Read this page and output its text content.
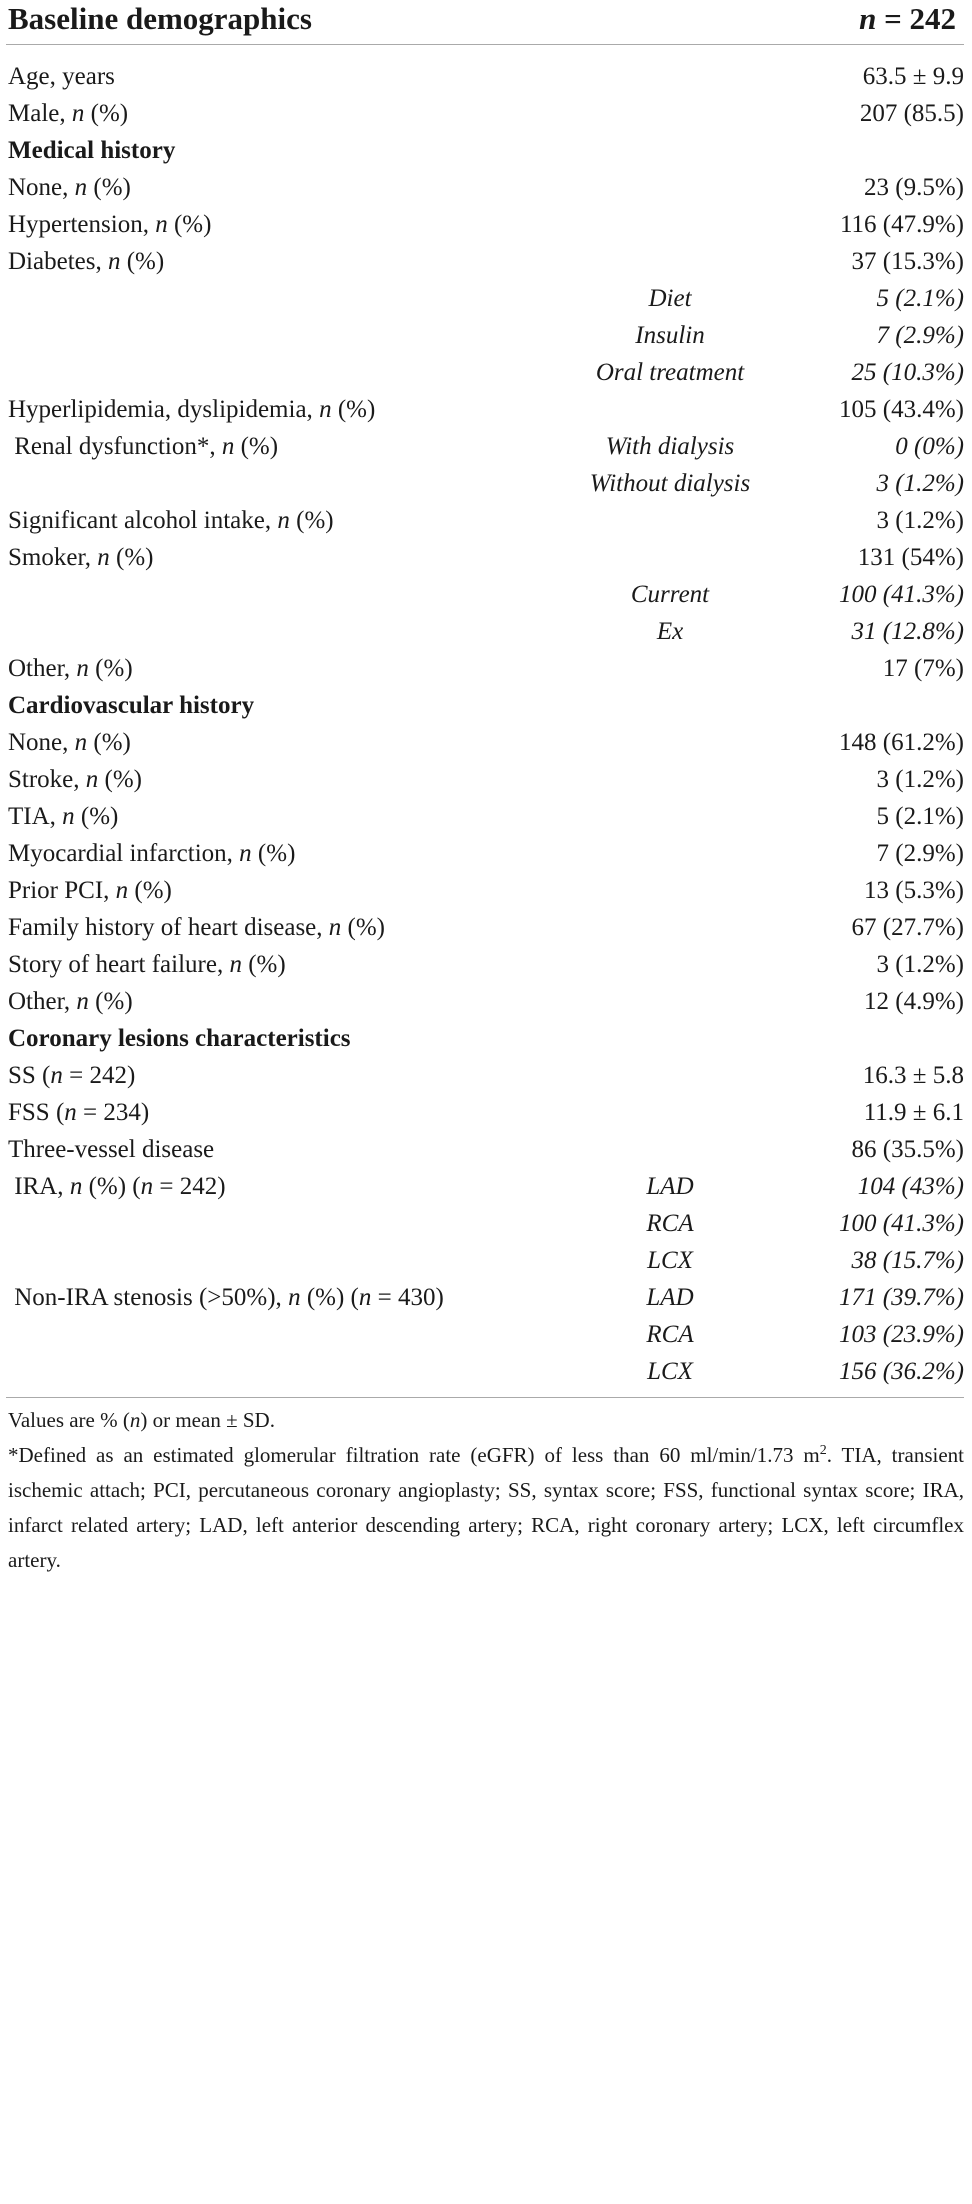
Baseline demographics	n = 242
Age, years	63.5 ± 9.9
Male, n (%)	207 (85.5)
Medical history
None, n (%)	23 (9.5%)
Hypertension, n (%)	116 (47.9%)
Diabetes, n (%)	37 (15.3%)
Diet	5 (2.1%)
Insulin	7 (2.9%)
Oral treatment	25 (10.3%)
Hyperlipidemia, dyslipidemia, n (%)	105 (43.4%)
Renal dysfunction*, n (%)	With dialysis	0 (0%)
Without dialysis	3 (1.2%)
Significant alcohol intake, n (%)	3 (1.2%)
Smoker, n (%)	131 (54%)
Current	100 (41.3%)
Ex	31 (12.8%)
Other, n (%)	17 (7%)
Cardiovascular history
None, n (%)	148 (61.2%)
Stroke, n (%)	3 (1.2%)
TIA, n (%)	5 (2.1%)
Myocardial infarction, n (%)	7 (2.9%)
Prior PCI, n (%)	13 (5.3%)
Family history of heart disease, n (%)	67 (27.7%)
Story of heart failure, n (%)	3 (1.2%)
Other, n (%)	12 (4.9%)
Coronary lesions characteristics
SS (n = 242)	16.3 ± 5.8
FSS (n = 234)	11.9 ± 6.1
Three-vessel disease	86 (35.5%)
IRA, n (%) (n = 242)	LAD	104 (43%)
RCA	100 (41.3%)
LCX	38 (15.7%)
Non-IRA stenosis (>50%), n (%) (n = 430)	LAD	171 (39.7%)
RCA	103 (23.9%)
LCX	156 (36.2%)

Values are % (n) or mean ± SD.

*Defined as an estimated glomerular filtration rate (eGFR) of less than 60 ml/min/1.73 $m^2$. TIA, transient ischemic attach; PCI, percutaneous coronary angioplasty; SS, syntax score; FSS, functional syntax score; IRA, infarct related artery; LAD, left anterior descending artery; RCA, right coronary artery; LCX, left circumflex artery.
